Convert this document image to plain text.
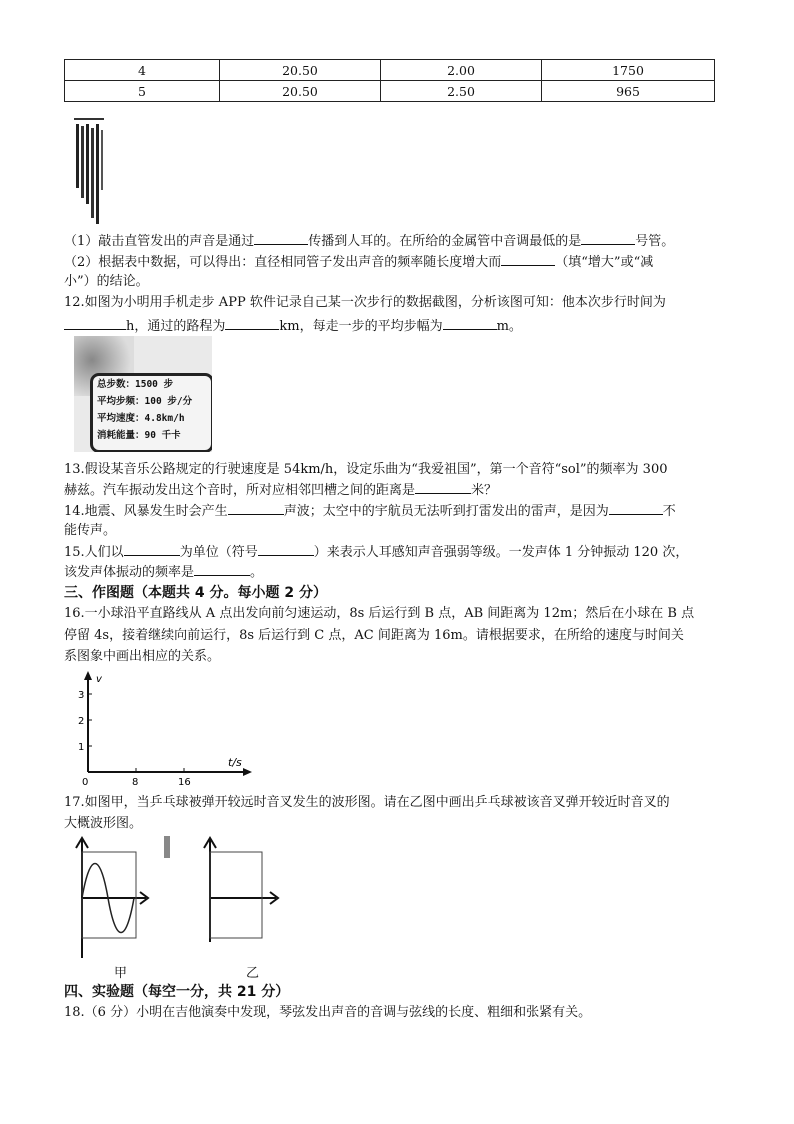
4	20.50	2.00	1750
5	20.50	2.50	965
（1）敲击直管发出的声音是通过	传播到人耳的。在所给的金属管中音调最低的是	号管。
（2）根据表中数据，可以得出：直径相同管子发出声音的频率随长度增大而	（填“增大”或“减
小”）的结论。
12.如图为小明用手机走步 APP 软件记录自己某一次步行的数据截图，分析该图可知：他本次步行时间为
h，通过的路程为	km，每走一步的平均步幅为	m。
总步数：1500 步
平均步频：100 步/分
平均速度：4.8km/h
消耗能量：90 千卡
13.假设某音乐公路规定的行驶速度是 54km/h，设定乐曲为“我爱祖国”，第一个音符“sol”的频率为 300
赫兹。汽车振动发出这个音时，所对应相邻凹槽之间的距离是	米？
14.地震、风暴发生时会产生	声波；太空中的宇航员无法听到打雷发出的雷声，是因为	不
能传声。
15.人们以	为单位（符号	）来表示人耳感知声音强弱等级。一发声体 1 分钟振动 120 次，
该发声体振动的频率是	。
三、作图题（本题共 4 分。每小题 2 分）
16.一小球沿平直路线从 A 点出发向前匀速运动，8s 后运行到 B 点，AB 间距离为 12m；然后在小球在 B 点
停留 4s，接着继续向前运行，8s 后运行到 C 点，AC 间距离为 16m。请根据要求，在所给的速度与时间关
系图象中画出相应的关系。
v
t/s
1
2
3
0	8	16
17.如图甲，当乒乓球被弹开较远时音叉发生的波形图。请在乙图中画出乒乓球被该音叉弹开较近时音叉的
大概波形图。
甲	乙
四、实验题（每空一分，共 21 分）
18.（6 分）小明在吉他演奏中发现，琴弦发出声音的音调与弦线的长度、粗细和张紧有关。
